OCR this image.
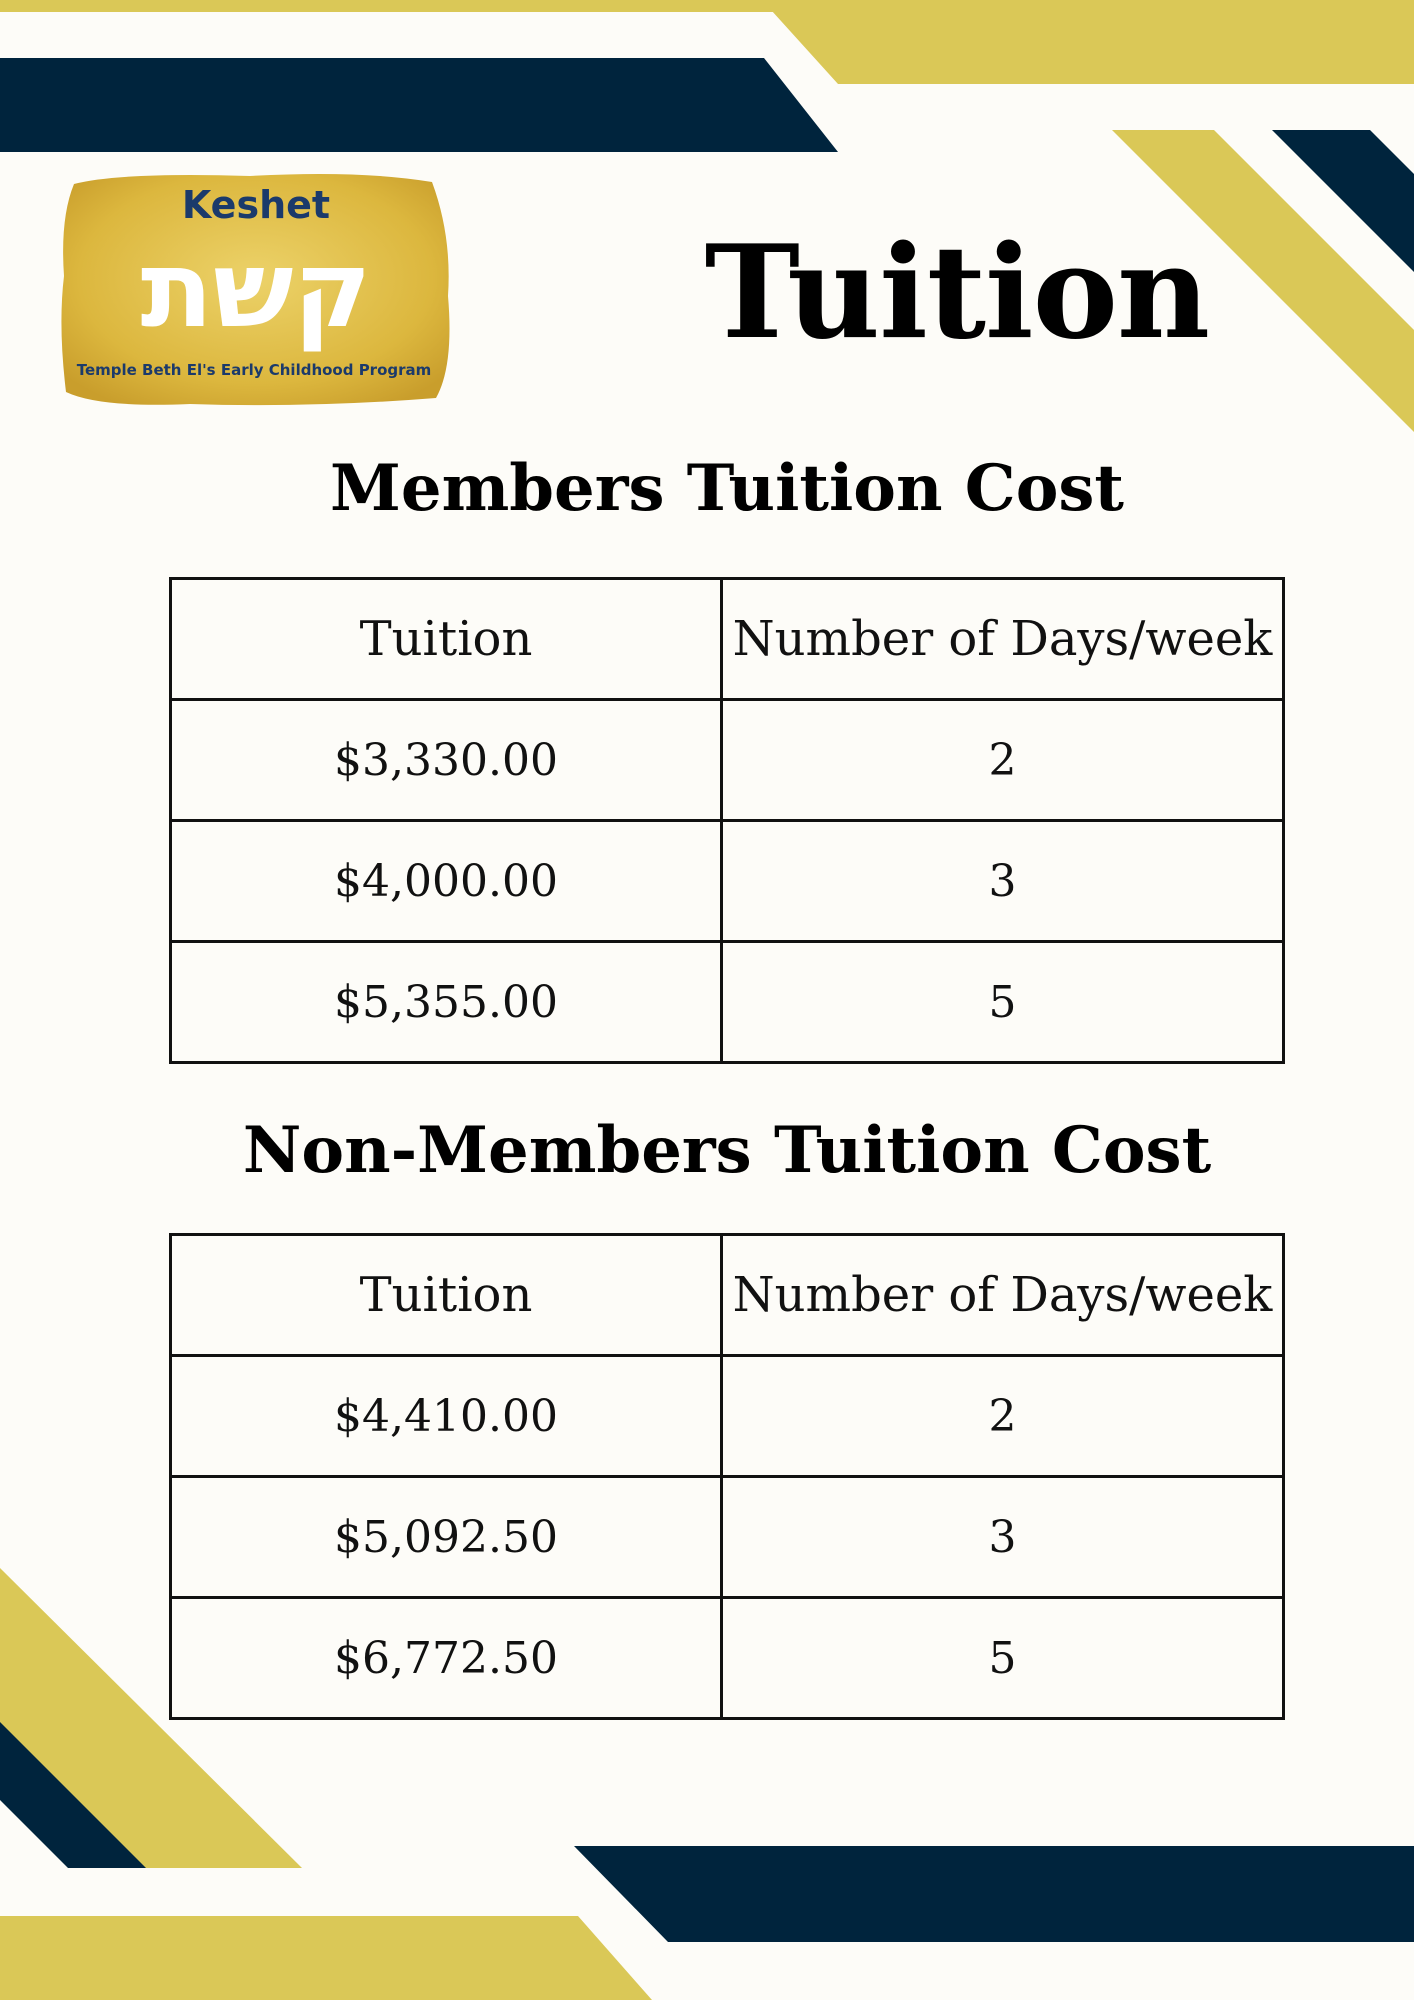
Keshet
קשת
Temple Beth El's Early Childhood Program
Tuition
Members Tuition Cost
Tuition	Number of Days/week
$3,330.00	2
$4,000.00	3
$5,355.00	5
Non-Members Tuition Cost
Tuition	Number of Days/week
$4,410.00	2
$5,092.50	3
$6,772.50	5
